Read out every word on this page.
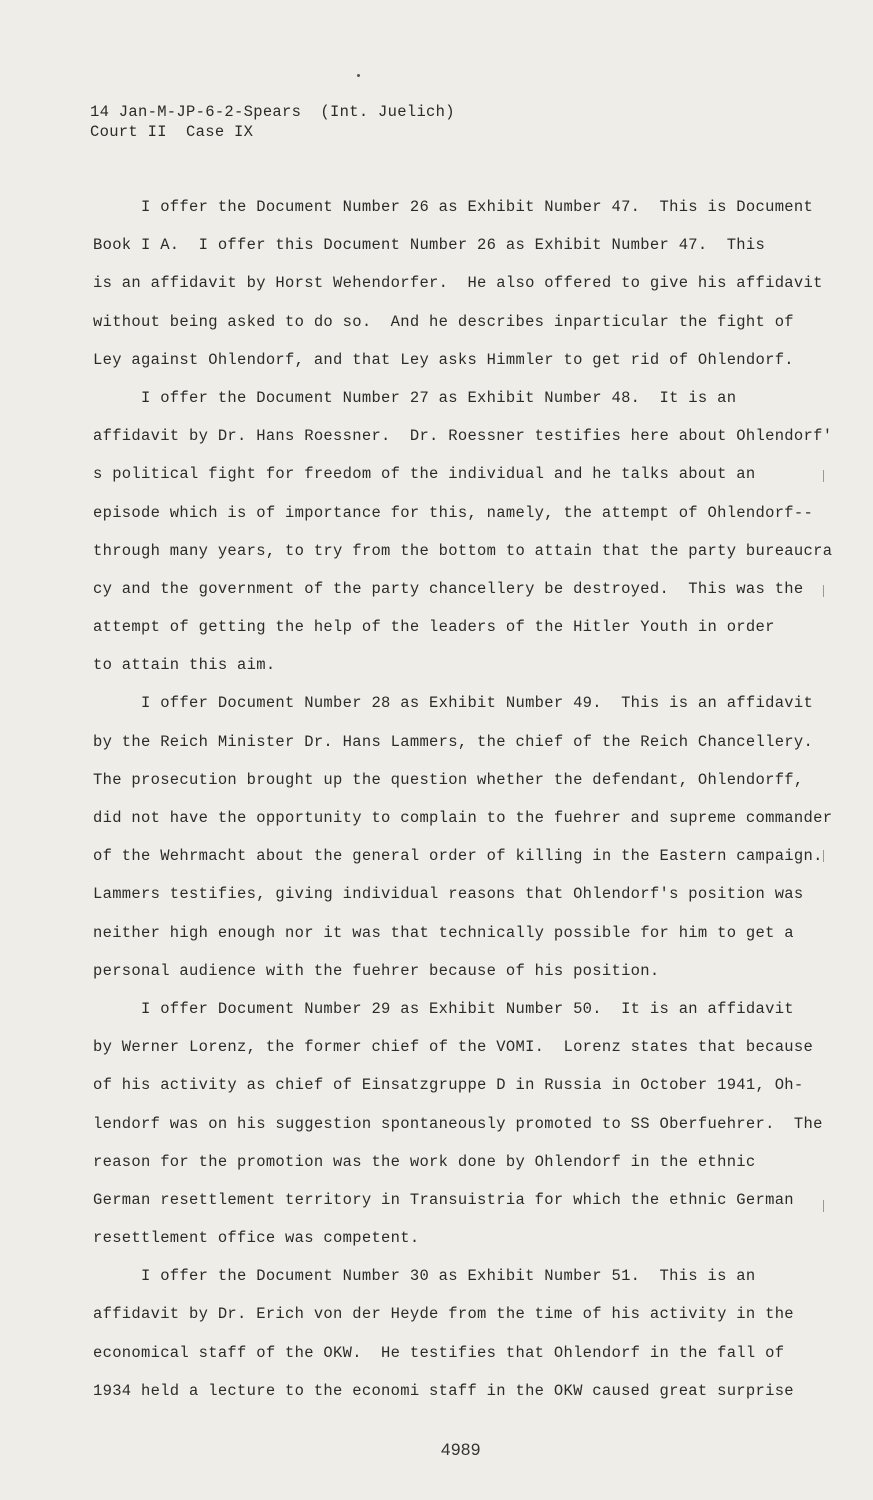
14 Jan-M-JP-6-2-Spears  (Int. Juelich)
Court II  Case IX
I offer the Document Number 26 as Exhibit Number 47.  This is Document
Book I A.  I offer this Document Number 26 as Exhibit Number 47.  This
is an affidavit by Horst Wehendorfer.  He also offered to give his affidavit
without being asked to do so.  And he describes inparticular the fight of
Ley against Ohlendorf, and that Ley asks Himmler to get rid of Ohlendorf.
I offer the Document Number 27 as Exhibit Number 48.  It is an
affidavit by Dr. Hans Roessner.  Dr. Roessner testifies here about Ohlendorf'
s political fight for freedom of the individual and he talks about an
episode which is of importance for this, namely, the attempt of Ohlendorf--
through many years, to try from the bottom to attain that the party bureaucra
cy and the government of the party chancellery be destroyed.  This was the
attempt of getting the help of the leaders of the Hitler Youth in order
to attain this aim.
I offer Document Number 28 as Exhibit Number 49.  This is an affidavit
by the Reich Minister Dr. Hans Lammers, the chief of the Reich Chancellery.
The prosecution brought up the question whether the defendant, Ohlendorff,
did not have the opportunity to complain to the fuehrer and supreme commander
of the Wehrmacht about the general order of killing in the Eastern campaign.
Lammers testifies, giving individual reasons that Ohlendorf's position was
neither high enough nor it was that technically possible for him to get a
personal audience with the fuehrer because of his position.
I offer Document Number 29 as Exhibit Number 50.  It is an affidavit
by Werner Lorenz, the former chief of the VOMI.  Lorenz states that because
of his activity as chief of Einsatzgruppe D in Russia in October 1941, Oh-
lendorf was on his suggestion spontaneously promoted to SS Oberfuehrer.  The
reason for the promotion was the work done by Ohlendorf in the ethnic
German resettlement territory in Transuistria for which the ethnic German
resettlement office was competent.
I offer the Document Number 30 as Exhibit Number 51.  This is an
affidavit by Dr. Erich von der Heyde from the time of his activity in the
economical staff of the OKW.  He testifies that Ohlendorf in the fall of
1934 held a lecture to the economi staff in the OKW caused great surprise
4989
